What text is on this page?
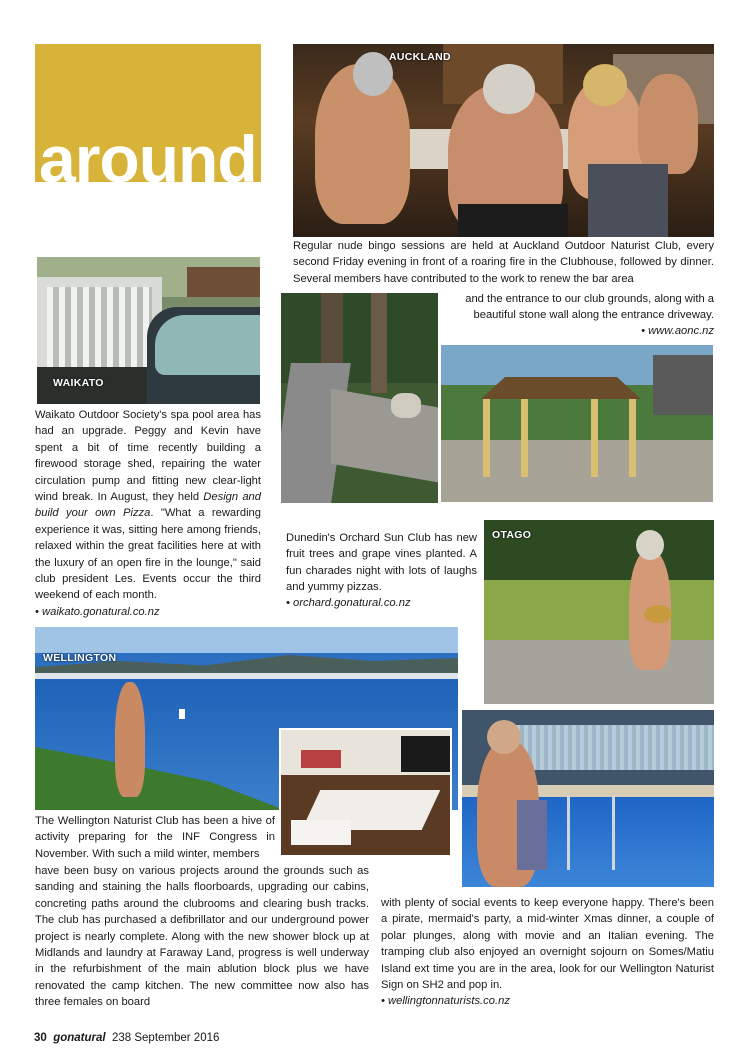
around
AUCKLAND
Regular nude bingo sessions are held at Auckland Outdoor Naturist Club, every second Friday evening in front of a roaring fire in the Clubhouse, followed by dinner. Several members have contributed to the work to renew the bar area
and the entrance to our club grounds, along with a beautiful stone wall along the entrance driveway.
• www.aonc.nz
WAIKATO
Waikato Outdoor Society's spa pool area has had an upgrade. Peggy and Kevin have spent a bit of time recently building a firewood storage shed, repairing the water circulation pump and fitting new clear-light wind break. In August, they held Design and build your own Pizza. "What a rewarding experience it was, sitting here among friends, relaxed within the great facilities here at with the luxury of an open fire in the lounge," said club president Les. Events occur the third weekend of each month.
• waikato.gonatural.co.nz
Dunedin's Orchard Sun Club has new fruit trees and grape vines planted. A fun charades night with lots of laughs and yummy pizzas.
• orchard.gonatural.co.nz
OTAGO
WELLINGTON
The Wellington Naturist Club has been a hive of activity preparing for the INF Congress in November. With such a mild winter, members
have been busy on various projects around the grounds such as sanding and staining the halls floorboards, upgrading our cabins, concreting paths around the clubrooms and clearing bush tracks. The club has purchased a defibrillator and our underground power project is nearly complete. Along with the new shower block up at Midlands and laundry at Faraway Land, progress is well underway in the refurbishment of the main ablution block plus we have renovated the camp kitchen. The new committee now also has three females on board
with plenty of social events to keep everyone happy. There's been a pirate, mermaid's party, a mid-winter Xmas dinner, a couple of polar plunges, along with movie and an Italian evening. The tramping club also enjoyed an overnight sojourn on Somes/Matiu Island ext time you are in the area, look for our Wellington Naturist Sign on SH2 and pop in.
• wellingtonnaturists.co.nz
30 gonatural 238 September 2016
